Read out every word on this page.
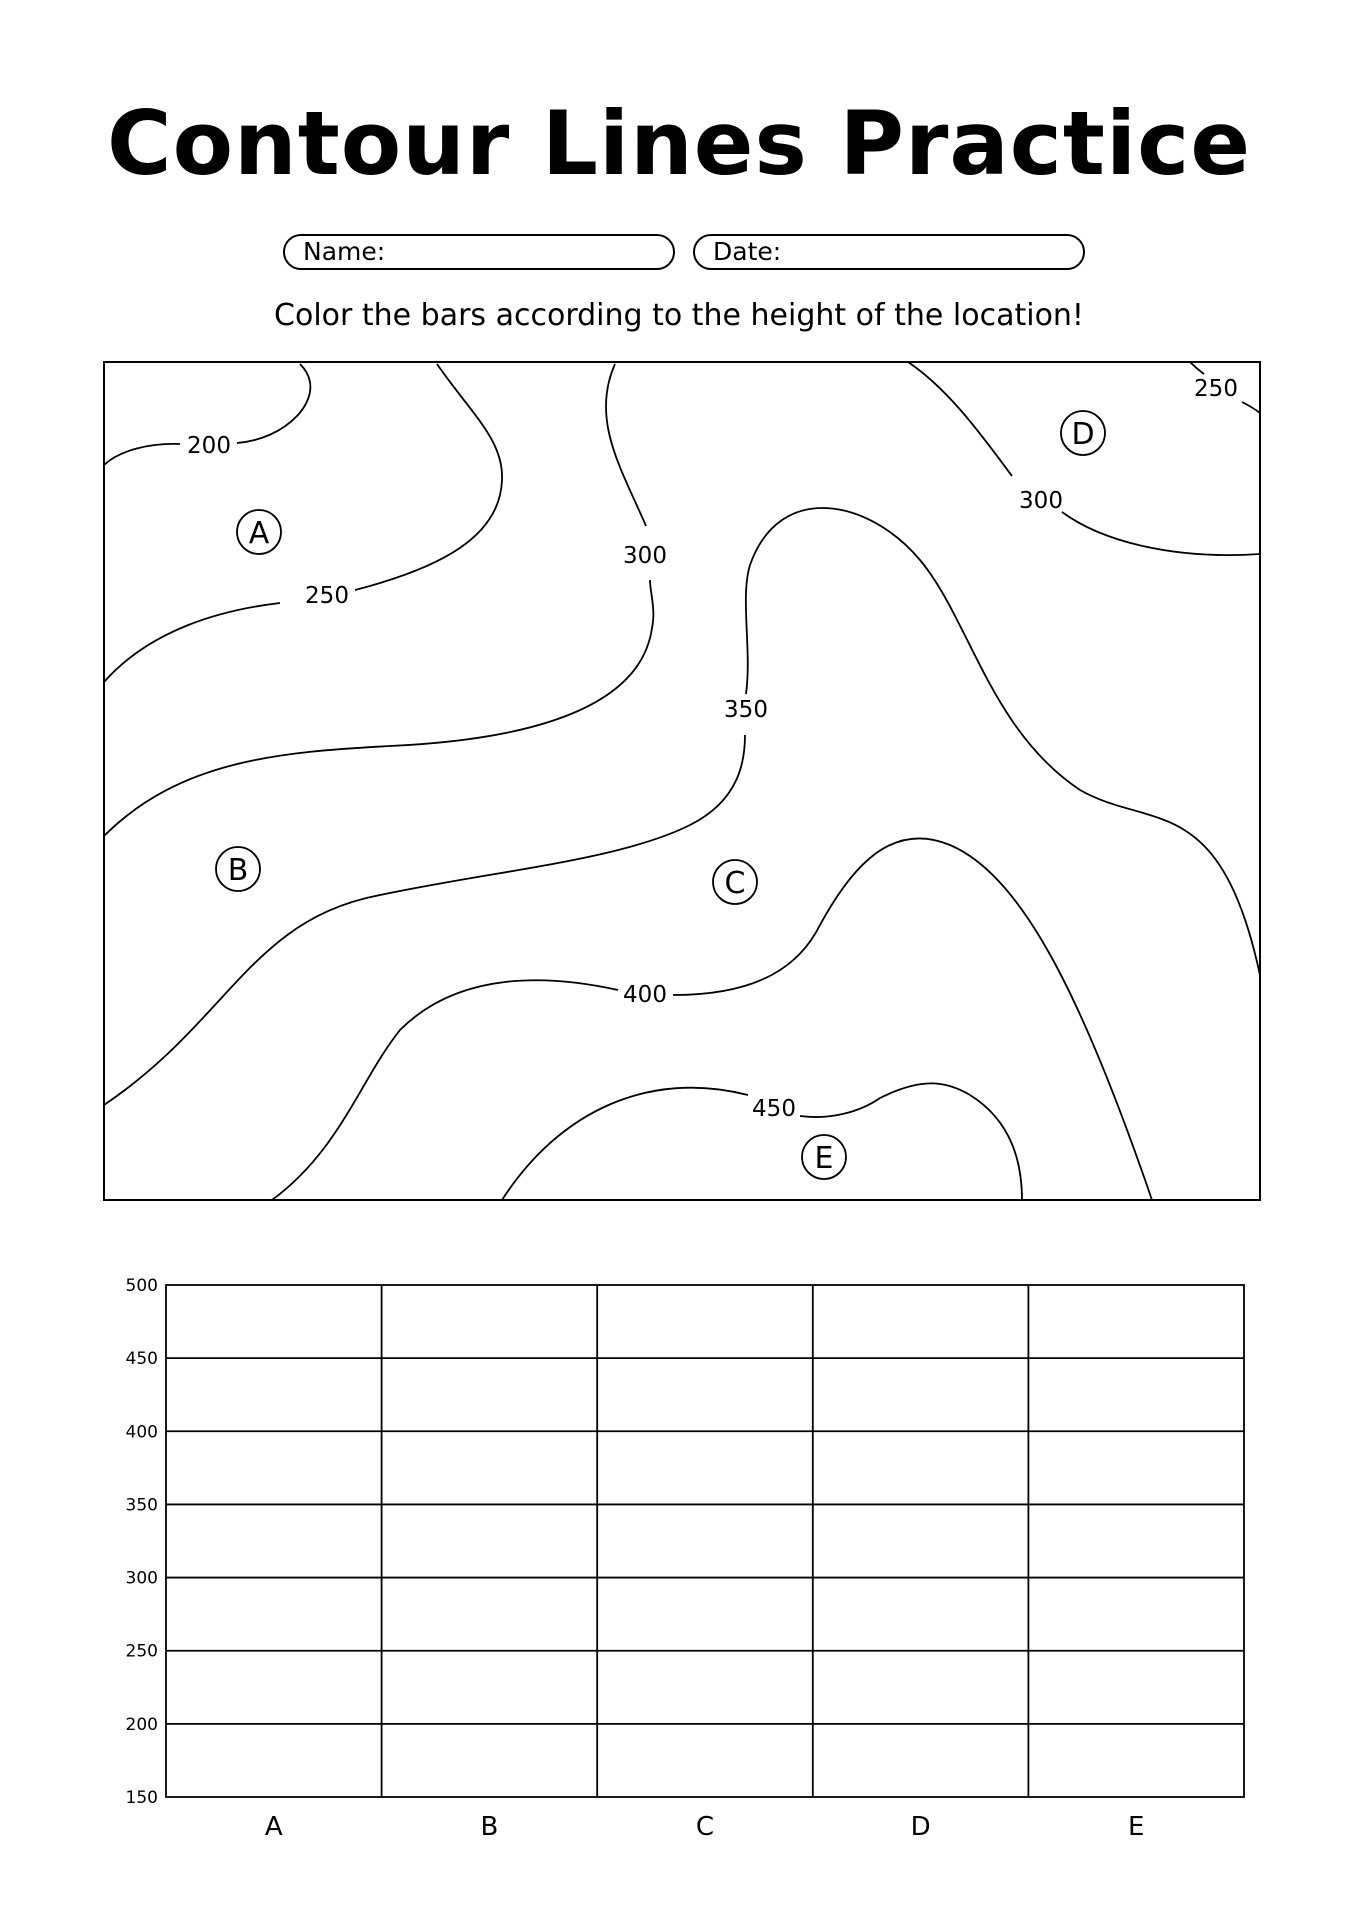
Contour Lines Practice
Name:	Date:
Color the bars according to the height of the location!
200
250
300
300
350
400
450
250
A
B	C
D
E
500
450
400
350
300
250
200
150
A	B	C	D	E
